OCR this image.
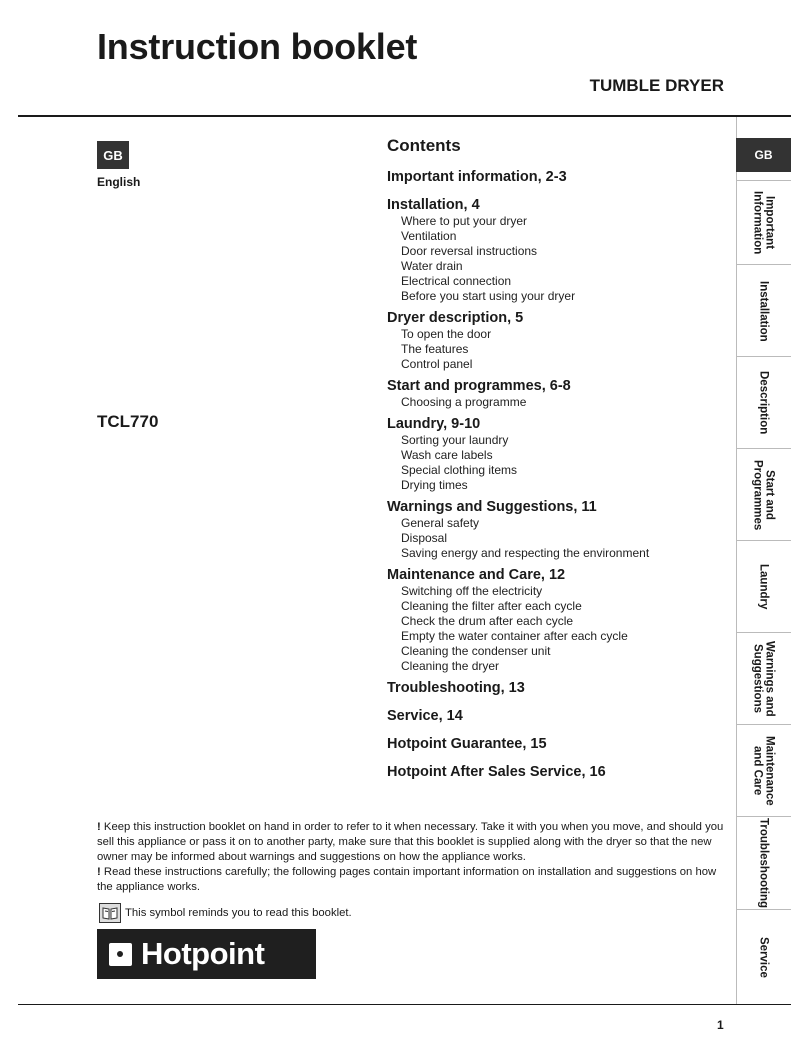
Instruction booklet
TUMBLE DRYER
GB
English
TCL770
Contents
Important information, 2-3
Installation, 4
Where to put your dryer
Ventilation
Door reversal instructions
Water drain
Electrical connection
Before you start using your dryer
Dryer description, 5
To open the door
The features
Control panel
Start and programmes, 6-8
Choosing a programme
Laundry, 9-10
Sorting your laundry
Wash care labels
Special clothing items
Drying times
Warnings and Suggestions, 11
General safety
Disposal
Saving energy and respecting the environment
Maintenance and Care, 12
Switching off the electricity
Cleaning the filter after each cycle
Check the drum after each cycle
Empty the water container after each cycle
Cleaning the condenser unit
Cleaning the dryer
Troubleshooting, 13
Service, 14
Hotpoint Guarantee, 15
Hotpoint After Sales Service, 16

! Keep this instruction booklet on hand in order to refer to it when necessary. Take it with you when you move, and should you sell this appliance or pass it on to another party, make sure that this booklet is supplied along with the dryer so that the new owner may be informed about warnings and suggestions on how the appliance works.

! Read these instructions carefully; the following pages contain important information on installation and suggestions on how the appliance works.

This symbol reminds you to read this booklet.
Hotpoint
GB
Important
Information
Installation
Description
Start and
Programmes
Laundry
Warnings and
Suggestions
Maintenance
and Care
Troubleshooting
Service
1
